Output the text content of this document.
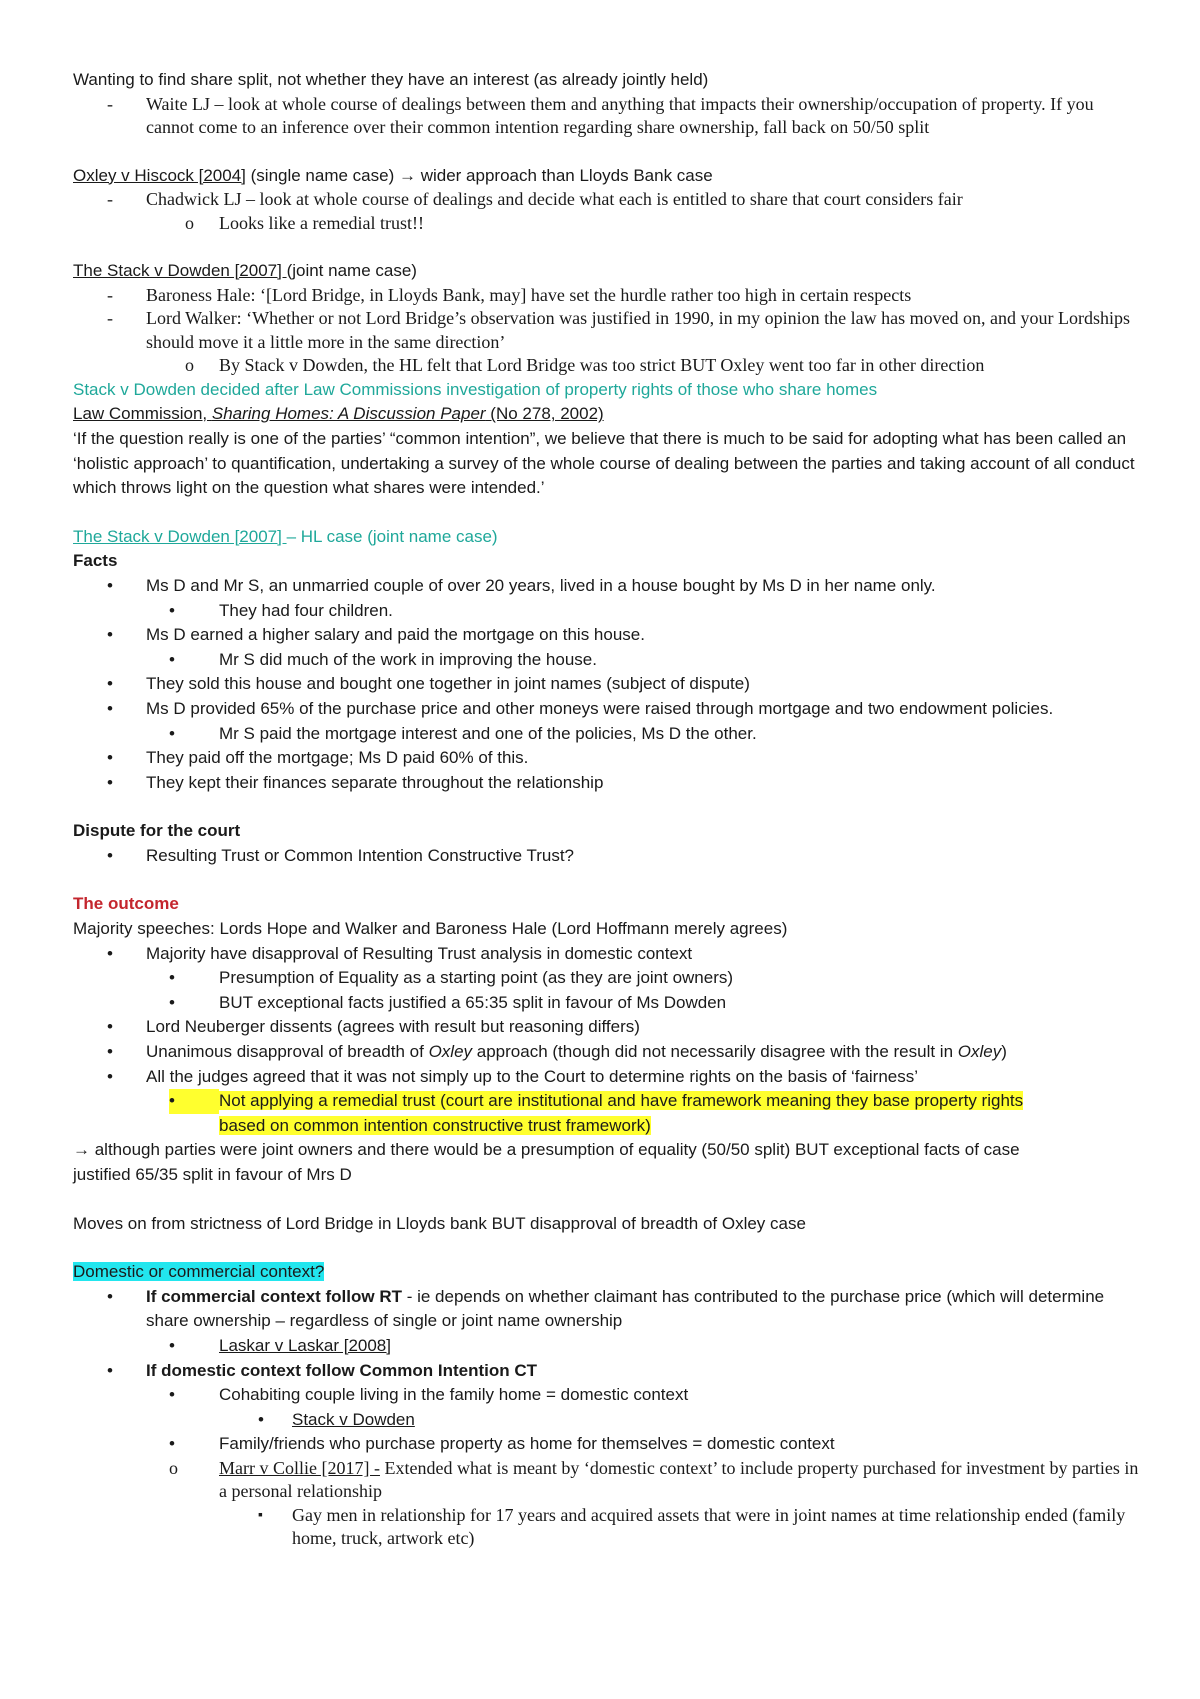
Wanting to find share split, not whether they have an interest (as already jointly held)
- Waite LJ – look at whole course of dealings between them and anything that impacts their ownership/occupation of property. If you cannot come to an inference over their common intention regarding share ownership, fall back on 50/50 split
Oxley v Hiscock [2004] (single name case) → wider approach than Lloyds Bank case
- Chadwick LJ – look at whole course of dealings and decide what each is entitled to share that court considers fair
o Looks like a remedial trust!!
The Stack v Dowden [2007] (joint name case)
- Baroness Hale: ‘[Lord Bridge, in Lloyds Bank, may] have set the hurdle rather too high in certain respects
- Lord Walker: ‘Whether or not Lord Bridge’s observation was justified in 1990, in my opinion the law has moved on, and your Lordships should move it a little more in the same direction’
o By Stack v Dowden, the HL felt that Lord Bridge was too strict BUT Oxley went too far in other direction
Stack v Dowden decided after Law Commissions investigation of property rights of those who share homes
Law Commission, Sharing Homes: A Discussion Paper (No 278, 2002)
‘If the question really is one of the parties’ “common intention”, we believe that there is much to be said for adopting what has been called an ‘holistic approach’ to quantification, undertaking a survey of the whole course of dealing between the parties and taking account of all conduct which throws light on the question what shares were intended.’
The Stack v Dowden [2007] – HL case (joint name case)
Facts
• Ms D and Mr S, an unmarried couple of over 20 years, lived in a house bought by Ms D in her name only.
•	They had four children.
• Ms D earned a higher salary and paid the mortgage on this house.
•	Mr S did much of the work in improving the house.
• They sold this house and bought one together in joint names (subject of dispute)
• Ms D provided 65% of the purchase price and other moneys were raised through mortgage and two endowment policies.
•	Mr S paid the mortgage interest and one of the policies, Ms D the other.
• They paid off the mortgage; Ms D paid 60% of this.
• They kept their finances separate throughout the relationship
Dispute for the court
• Resulting Trust or Common Intention Constructive Trust?
The outcome
Majority speeches: Lords Hope and Walker and Baroness Hale (Lord Hoffmann merely agrees)
• Majority have disapproval of Resulting Trust analysis in domestic context
•	Presumption of Equality as a starting point (as they are joint owners)
•	BUT exceptional facts justified a 65:35 split in favour of Ms Dowden
• Lord Neuberger dissents (agrees with result but reasoning differs)
• Unanimous disapproval of breadth of Oxley approach (though did not necessarily disagree with the result in Oxley)
• All the judges agreed that it was not simply up to the Court to determine rights on the basis of ‘fairness’
•	Not applying a remedial trust (court are institutional and have framework meaning they base property rights
based on common intention constructive trust framework)
→ although parties were joint owners and there would be a presumption of equality (50/50 split) BUT exceptional facts of case
justified 65/35 split in favour of Mrs D
Moves on from strictness of Lord Bridge in Lloyds bank BUT disapproval of breadth of Oxley case
Domestic or commercial context?
• If commercial context follow RT - ie depends on whether claimant has contributed to the purchase price (which will determine share ownership – regardless of single or joint name ownership
•	Laskar v Laskar [2008]
• If domestic context follow Common Intention CT
•	Cohabiting couple living in the family home = domestic context
• Stack v Dowden
•	Family/friends who purchase property as home for themselves = domestic context
o Marr v Collie [2017] - Extended what is meant by ‘domestic context’ to include property purchased for investment by parties in a personal relationship
▪ Gay men in relationship for 17 years and acquired assets that were in joint names at time relationship ended (family home, truck, artwork etc)
